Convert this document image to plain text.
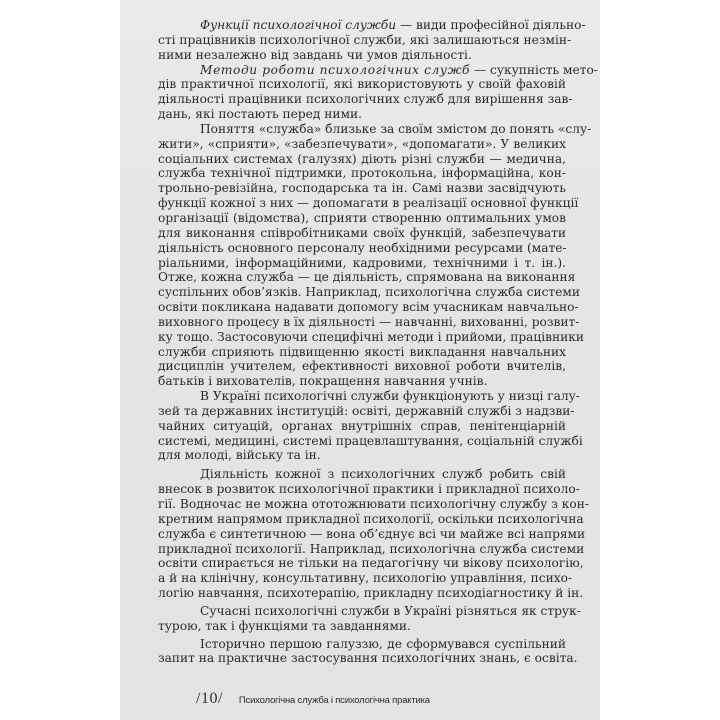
Функції психологічної служби — види професійної діяльно-
сті працівників психологічної служби, які залишаються незмін-
ними незалежно від завдань чи умов діяльності.

Методи роботи психологічних служб — сукупність мето-
дів практичної психології, які використовують у своїй фаховій
діяльності працівники психологічних служб для вирішення зав-
дань, які постають перед ними.

Поняття «служба» близьке за своїм змістом до понять «слу-
жити», «сприяти», «забезпечувати», «допомагати». У великих
соціальних системах (галузях) діють різні служби — медична,
служба технічної підтримки, протокольна, інформаційна, кон-
трольно-ревізійна, господарська та ін. Самі назви засвідчують
функції кожної з них — допомагати в реалізації основної функції
організації (відомства), сприяти створенню оптимальних умов
для виконання співробітниками своїх функцій, забезпечувати
діяльність основного персоналу необхідними ресурсами (мате-
ріальними, інформаційними, кадровими, технічними і т. ін.).
Отже, кожна служба — це діяльність, спрямована на виконання
суспільних обов’язків. Наприклад, психологічна служба системи
освіти покликана надавати допомогу всім учасникам навчально-
виховного процесу в їх діяльності — навчанні, вихованні, розвит-
ку тощо. Застосовуючи специфічні методи і прийоми, працівники
служби сприяють підвищенню якості викладання навчальних
дисциплін учителем, ефективності виховної роботи вчителів,
батьків і вихователів, покращення навчання учнів.

В Україні психологічні служби функціонують у низці галу-
зей та державних інституцій: освіті, державній службі з надзви-
чайних ситуацій, органах внутрішніх справ, пенітенціарній
системі, медицині, системі працевлаштування, соціальній службі
для молоді, війську та ін.

Діяльність кожної з психологічних служб робить свій
внесок в розвиток психологічної практики і прикладної психоло-
гії. Водночас не можна ототожнювати психологічну службу з кон-
кретним напрямом прикладної психології, оскільки психологічна
служба є синтетичною — вона об’єднує всі чи майже всі напрями
прикладної психології. Наприклад, психологічна служба системи
освіти спирається не тільки на педагогічну чи вікову психологію,
а й на клінічну, консультативну, психологію управління, психо-
логію навчання, психотерапію, прикладну психодіагностику й ін.

Сучасні психологічні служби в Україні різняться як струк-
турою, так і функціями та завданнями.

Історично першою галуззю, де сформувався суспільний
запит на практичне застосування психологічних знань, є освіта.

/10/ Психологічна служба і психологічна практика
